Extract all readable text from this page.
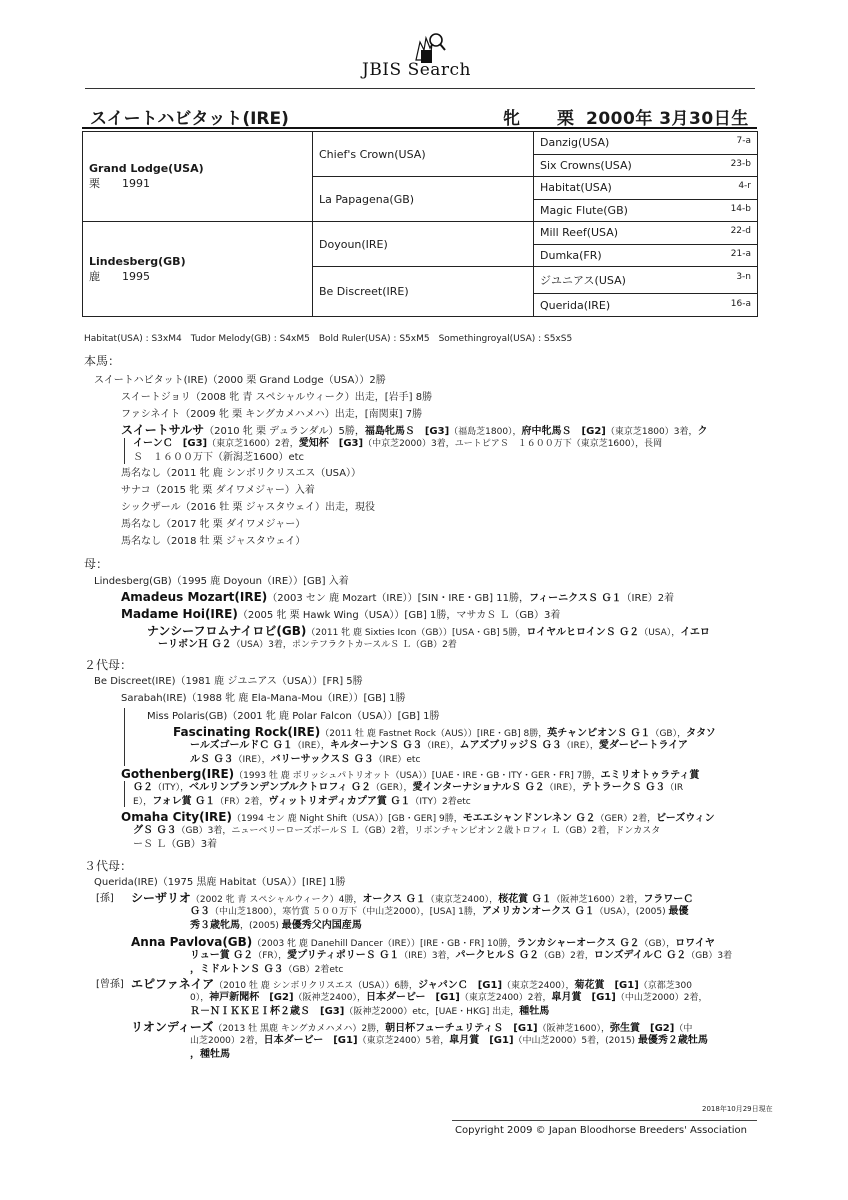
JBIS Search
スイートハビタット(IRE)	牝　栗 2000年 3月30日生
Grand Lodge(USA)
栗　　1991	Chief's Crown(USA)	Danzig(USA) 7-a

		Six Crowns(USA) 23-b

	La Papagena(GB)	Habitat(USA) 4-r

		Magic Flute(GB) 14-b

Lindesberg(GB)
鹿　　1995	Doyoun(IRE)	Mill Reef(USA) 22-d

		Dumka(FR) 21-a

	Be Discreet(IRE)	ジユニアス(USA) 3-n

		Querida(IRE) 16-a
Habitat(USA) : S3xM4　Tudor Melody(GB) : S4xM5　Bold Ruler(USA) : S5xM5　Somethingroyal(USA) : S5xS5
本馬：
スイートハビタット(IRE)（2000 栗 Grand Lodge（USA））2勝
スイートジョリ（2008 牝 青 スペシャルウィーク）出走，[岩手] 8勝
ファシネイト（2009 牝 栗 キングカメハメハ）出走，[南関東] 7勝
スイートサルサ（2010 牝 栗 デュランダル）5勝，福島牝馬Ｓ　[G3]（福島芝1800），府中牝馬Ｓ　[G2]（東京芝1800）3着，ク
イーンＣ　[G3]（東京芝1600）2着，愛知杯　[G3]（中京芝2000）3着，ユートピアＳ　１６００万下（東京芝1600），長岡
Ｓ　１６００万下（新潟芝1600）etc
馬名なし（2011 牝 鹿 シンボリクリスエス（USA））
サナコ（2015 牝 栗 ダイワメジャー）入着
シックザール（2016 牡 栗 ジャスタウェイ）出走，現役
馬名なし（2017 牝 栗 ダイワメジャー）
馬名なし（2018 牡 栗 ジャスタウェイ）
母：
Lindesberg(GB)（1995 鹿 Doyoun（IRE））[GB] 入着
Amadeus Mozart(IRE)（2003 セン 鹿 Mozart（IRE））[SIN・IRE・GB] 11勝，フィーニクスＳ Ｇ１（IRE）2着
Madame Hoi(IRE)（2005 牝 栗 Hawk Wing（USA））[GB] 1勝，マサカＳ Ｌ（GB）3着
ナンシーフロムナイロビ(GB)（2011 牝 鹿 Sixties Icon（GB））[USA・GB] 5勝，ロイヤルヒロインＳ Ｇ２（USA），イエロ
ーリボンＨ Ｇ２（USA）3着，ポンテフラクトカースルＳ Ｌ（GB）2着
２代母：
Be Discreet(IRE)（1981 鹿 ジユニアス（USA））[FR] 5勝
Sarabah(IRE)（1988 牝 鹿 Ela-Mana-Mou（IRE））[GB] 1勝
Miss Polaris(GB)（2001 牝 鹿 Polar Falcon（USA））[GB] 1勝
Fascinating Rock(IRE)（2011 牡 鹿 Fastnet Rock（AUS））[IRE・GB] 8勝，英チャンピオンＳ Ｇ１（GB），タタソ
ールズゴールドＣ Ｇ１（IRE），キルターナンＳ Ｇ３（IRE），ムアズブリッジＳ Ｇ３（IRE），愛ダービートライア
ルＳ Ｇ３（IRE），バリーサックスＳ Ｇ３（IRE）etc
Gothenberg(IRE)（1993 牡 鹿 ボリッシュパトリオット（USA））[UAE・IRE・GB・ITY・GER・FR] 7勝，エミリオトゥラティ賞
Ｇ２（ITY），ベルリンブランデンブルクトロフィ Ｇ２（GER），愛インターナショナルＳ Ｇ２（IRE），テトラークＳ Ｇ３（IR
E），フォレ賞 Ｇ１（FR）2着，ヴィットリオディカプア賞 Ｇ１（ITY）2着etc
Omaha City(IRE)（1994 セン 鹿 Night Shift（USA））[GB・GER] 9勝，モエエシャンドンレネン Ｇ２（GER）2着，ビーズウィン
グＳ Ｇ３（GB）3着，ニューベリーローズボールＳ Ｌ（GB）2着，リボンチャンピオン２歳トロフィ Ｌ（GB）2着，ドンカスタ
ーＳ Ｌ（GB）3着
３代母：
Querida(IRE)（1975 黒鹿 Habitat（USA））[IRE] 1勝
[孫] シーザリオ（2002 牝 青 スペシャルウィーク）4勝，オークス Ｇ１（東京芝2400），桜花賞 Ｇ１（阪神芝1600）2着，フラワーＣ
Ｇ３（中山芝1800），寒竹賞 ５００万下（中山芝2000），[USA] 1勝，アメリカンオークス Ｇ１（USA），(2005) 最優
秀３歳牝馬，(2005) 最優秀父内国産馬
Anna Pavlova(GB)（2003 牝 鹿 Danehill Dancer（IRE））[IRE・GB・FR] 10勝，ランカシャーオークス Ｇ２（GB），ロワイヤ
リュー賞 Ｇ２（FR），愛プリティポリーＳ Ｇ１（IRE）3着，パークヒルＳ Ｇ２（GB）2着，ロンズデイルＣ Ｇ２（GB）3着
，ミドルトンＳ Ｇ３（GB）2着etc
[曾孫] エピファネイア（2010 牡 鹿 シンボリクリスエス（USA））6勝，ジャパンＣ　[G1]（東京芝2400），菊花賞　[G1]（京都芝300
0），神戸新聞杯　[G2]（阪神芝2400），日本ダービー　[G1]（東京芝2400）2着，皐月賞　[G1]（中山芝2000）2着，
Ｒ－ＮＩＫＫＥＩ杯２歳Ｓ　[G3]（阪神芝2000）etc，[UAE・HKG] 出走，種牡馬
リオンディーズ（2013 牡 黒鹿 キングカメハメハ）2勝，朝日杯フューチュリティＳ　[G1]（阪神芝1600），弥生賞　[G2]（中
山芝2000）2着，日本ダービー　[G1]（東京芝2400）5着，皐月賞　[G1]（中山芝2000）5着，(2015) 最優秀２歳牡馬
，種牡馬
2018年10月29日現在
Copyright 2009 © Japan Bloodhorse Breeders' Association
